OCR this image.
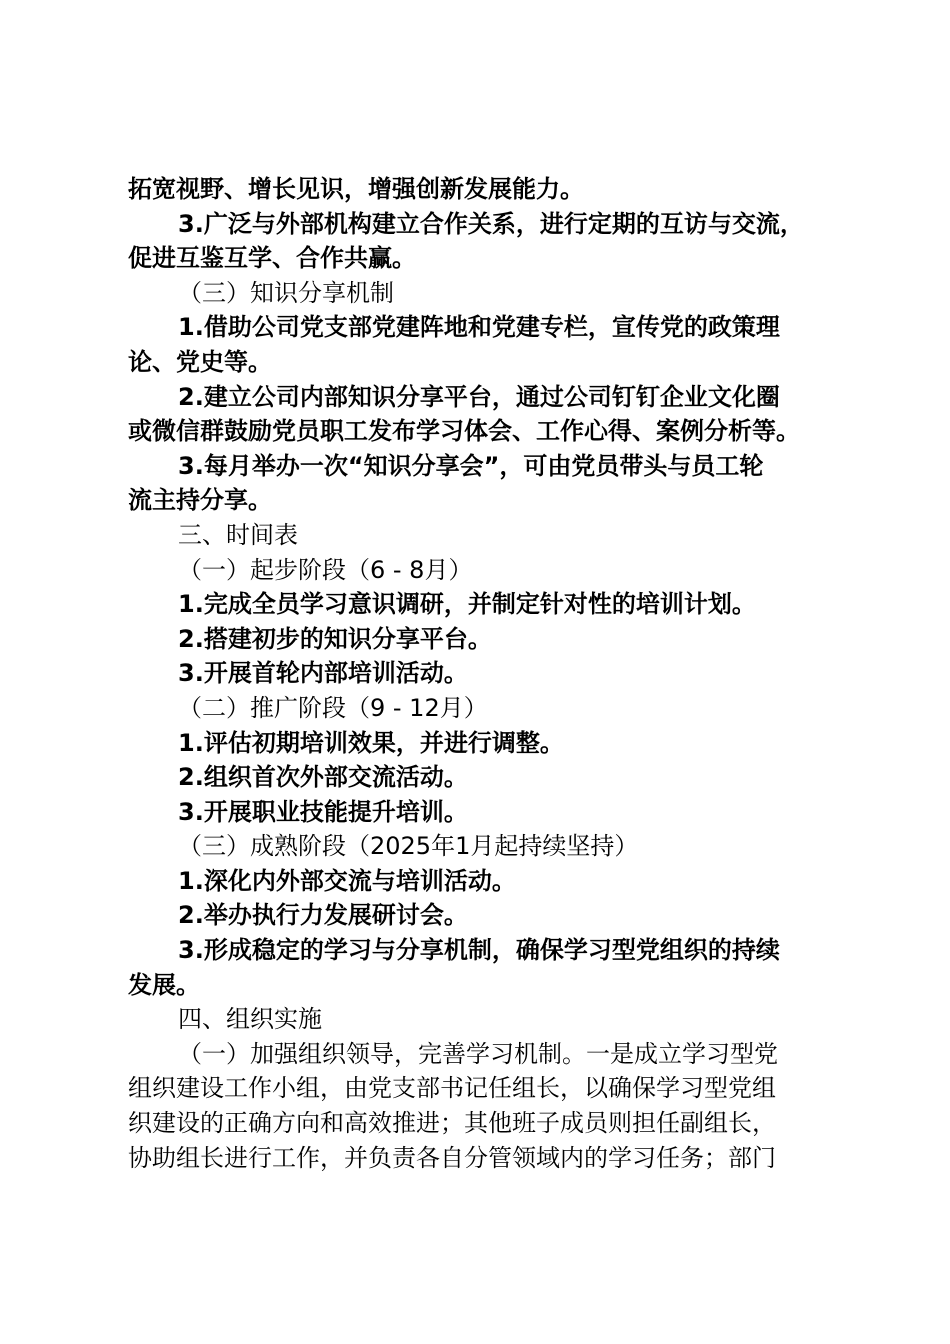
拓宽视野、增长见识，增强创新发展能力。
3.广泛与外部机构建立合作关系，进行定期的互访与交流，
促进互鉴互学、合作共赢。
（三）知识分享机制
1.借助公司党支部党建阵地和党建专栏，宣传党的政策理
论、党史等。
2.建立公司内部知识分享平台，通过公司钉钉企业文化圈
或微信群鼓励党员职工发布学习体会、工作心得、案例分析等。
3.每月举办一次“知识分享会”，可由党员带头与员工轮
流主持分享。
三、时间表
（一）起步阶段（6 - 8月）
1.完成全员学习意识调研，并制定针对性的培训计划。
2.搭建初步的知识分享平台。
3.开展首轮内部培训活动。
（二）推广阶段（9 - 12月）
1.评估初期培训效果，并进行调整。
2.组织首次外部交流活动。
3.开展职业技能提升培训。
（三）成熟阶段（2025年1月起持续坚持）
1.深化内外部交流与培训活动。
2.举办执行力发展研讨会。
3.形成稳定的学习与分享机制，确保学习型党组织的持续
发展。
四、组织实施
（一）加强组织领导，完善学习机制。一是成立学习型党
组织建设工作小组，由党支部书记任组长，以确保学习型党组
织建设的正确方向和高效推进；其他班子成员则担任副组长，
协助组长进行工作，并负责各自分管领域内的学习任务；部门
